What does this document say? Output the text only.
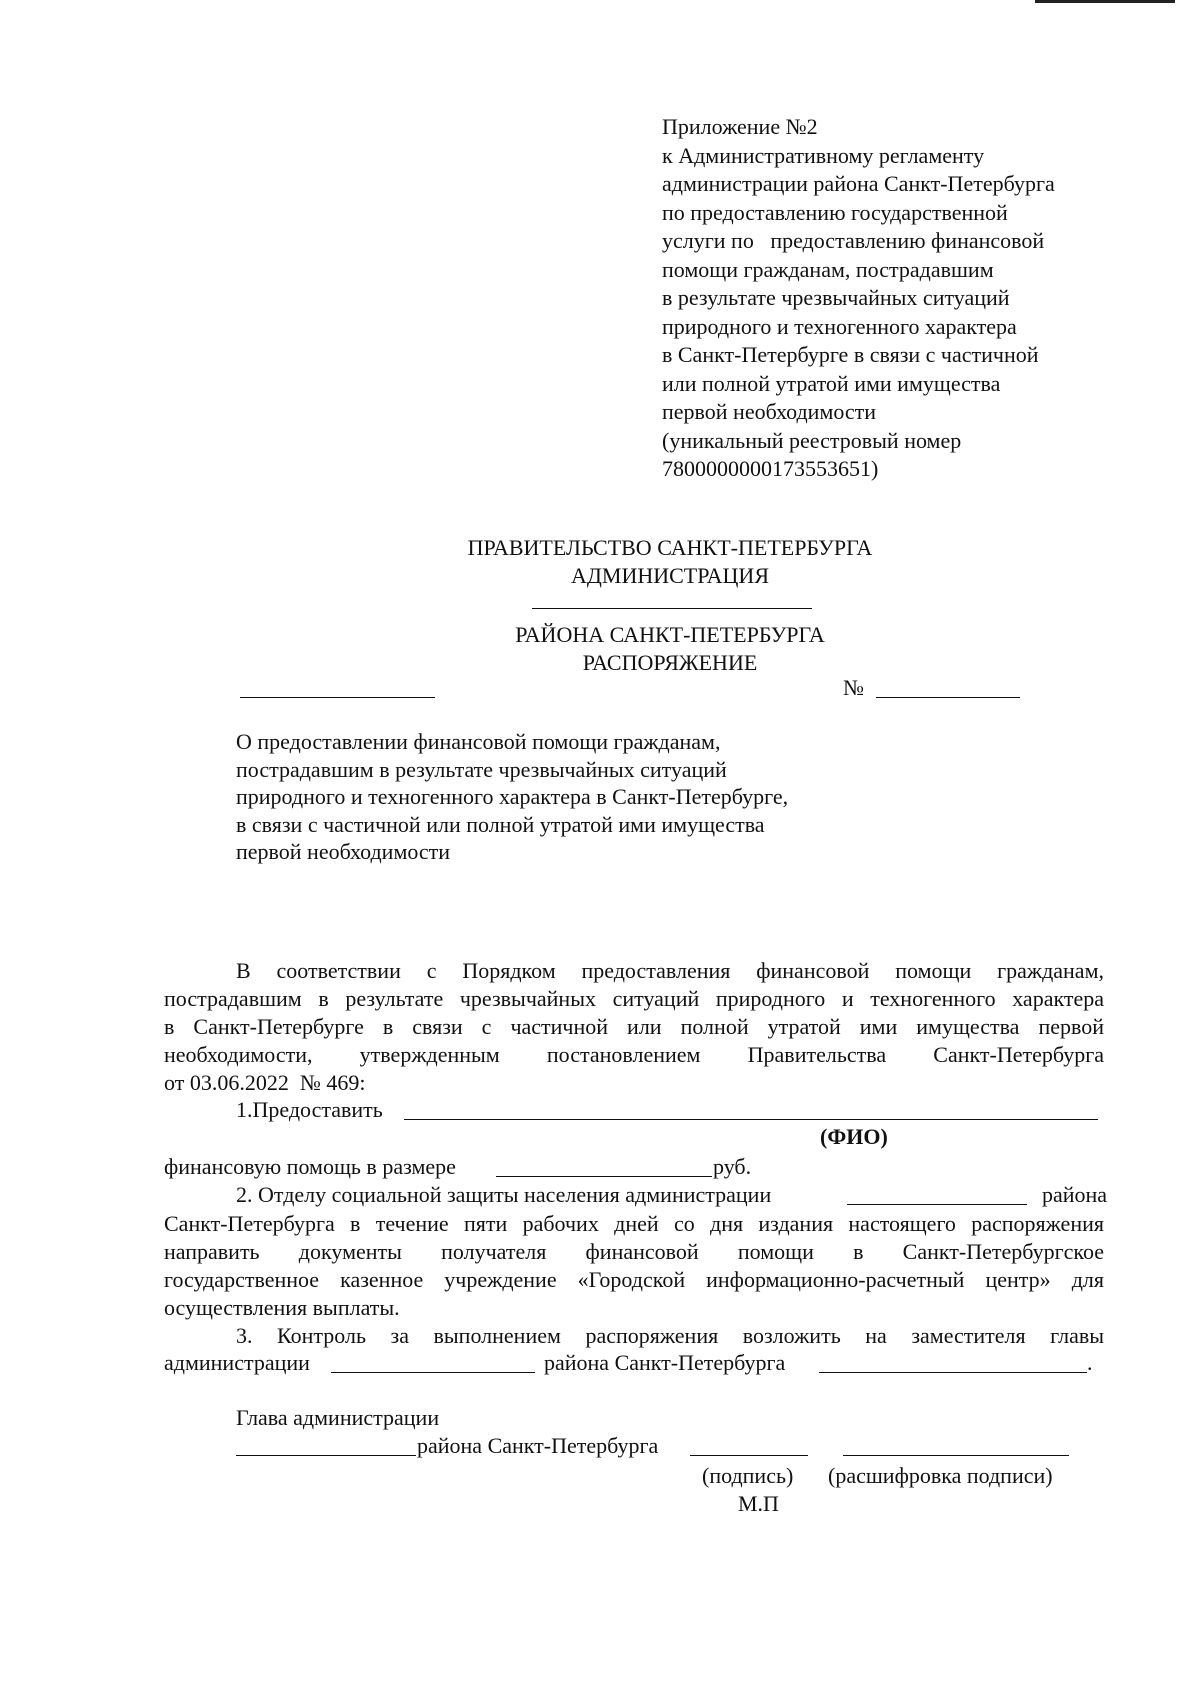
Приложение №2
к Административному регламенту
администрации района Санкт-Петербурга
по предоставлению государственной
услуги по   предоставлению финансовой
помощи гражданам, пострадавшим
в результате чрезвычайных ситуаций
природного и техногенного характера
в Санкт-Петербурге в связи с частичной
или полной утратой ими имущества
первой необходимости
(уникальный реестровый номер
7800000000173553651)
ПРАВИТЕЛЬСТВО САНКТ-ПЕТЕРБУРГА
АДМИНИСТРАЦИЯ
РАЙОНА САНКТ-ПЕТЕРБУРГА
РАСПОРЯЖЕНИЕ
№
О предоставлении финансовой помощи гражданам,
пострадавшим в результате чрезвычайных ситуаций
природного и техногенного характера в Санкт-Петербурге,
в связи с частичной или полной утратой ими имущества
первой необходимости
В соответствии с Порядком предоставления финансовой помощи гражданам,
пострадавшим в результате чрезвычайных ситуаций природного и техногенного характера
в Санкт-Петербурге в связи с частичной или полной утратой ими имущества первой
необходимости, утвержденным постановлением Правительства Санкт-Петербурга
от 03.06.2022  № 469:
1.Предоставить
(ФИО)
финансовую помощь в размере	руб.
2. Отделу социальной защиты населения администрации	района
Санкт-Петербурга в течение пяти рабочих дней со дня издания настоящего распоряжения
направить документы получателя финансовой помощи в Санкт-Петербургское
государственное казенное учреждение «Городской информационно-расчетный центр» для
осуществления выплаты.
3. Контроль за выполнением распоряжения возложить на заместителя главы
администрации	района Санкт-Петербурга	.
Глава администрации
района Санкт-Петербурга
(подпись) (расшифровка подписи)
М.П
